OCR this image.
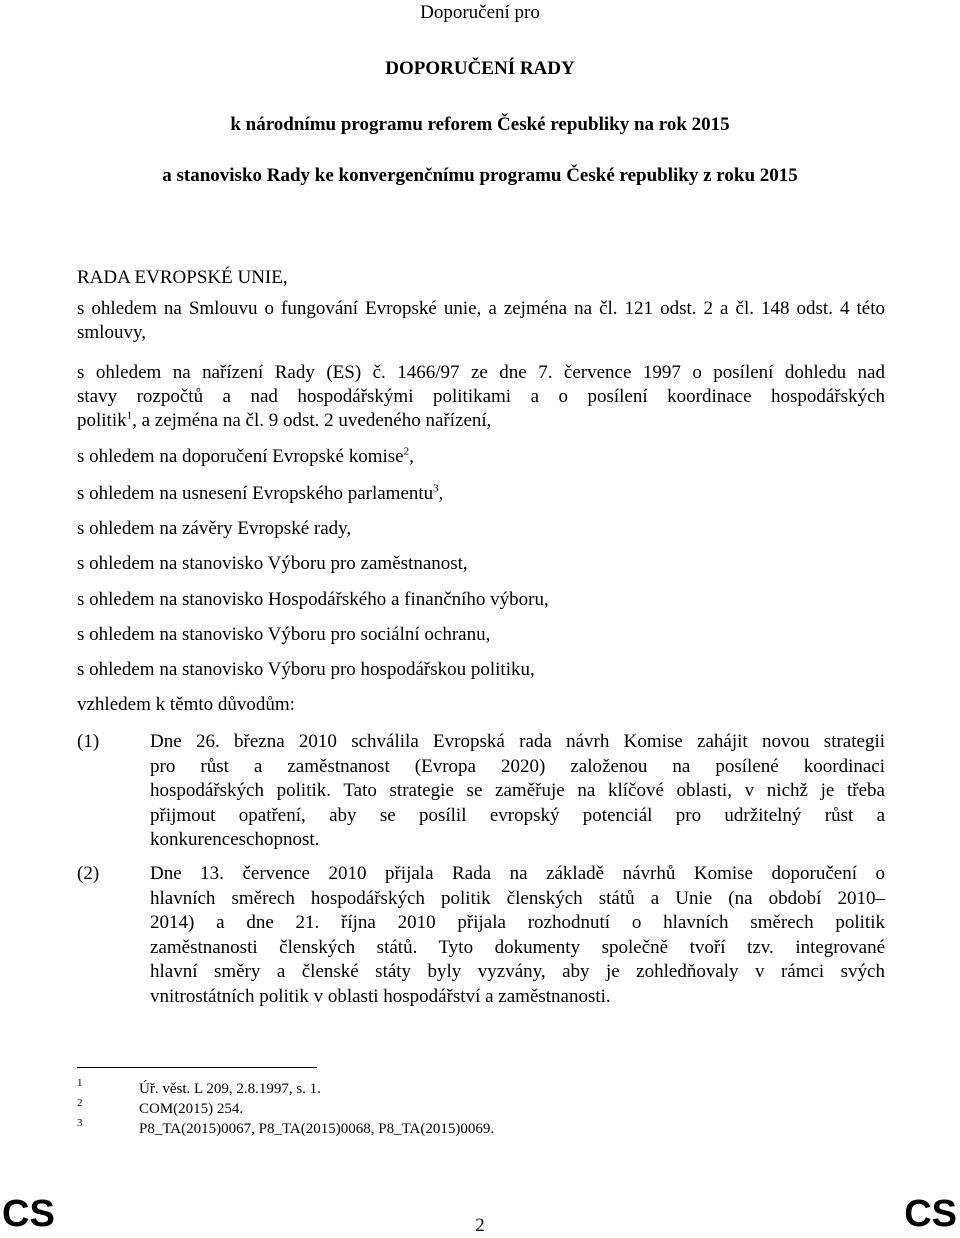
Doporučení pro
DOPORUČENÍ RADY
k národnímu programu reforem České republiky na rok 2015
a stanovisko Rady ke konvergenčnímu programu České republiky z roku 2015
RADA EVROPSKÉ UNIE,
s ohledem na Smlouvu o fungování Evropské unie, a zejména na čl. 121 odst. 2 a čl. 148 odst. 4 této smlouvy,
s ohledem na nařízení Rady (ES) č. 1466/97 ze dne 7. července 1997 o posílení dohledu nad
stavy rozpočtů a nad hospodářskými politikami a o posílení koordinace hospodářských
politik$^1$, a zejména na čl. 9 odst. 2 uvedeného nařízení,
s ohledem na doporučení Evropské komise$^2$,
s ohledem na usnesení Evropského parlamentu$^3$,
s ohledem na závěry Evropské rady,
s ohledem na stanovisko Výboru pro zaměstnanost,
s ohledem na stanovisko Hospodářského a finančního výboru,
s ohledem na stanovisko Výboru pro sociální ochranu,
s ohledem na stanovisko Výboru pro hospodářskou politiku,
vzhledem k těmto důvodům:
(1)	Dne 26. března 2010 schválila Evropská rada návrh Komise zahájit novou strategii
pro růst a zaměstnanost (Evropa 2020) založenou na posílené koordinaci
hospodářských politik. Tato strategie se zaměřuje na klíčové oblasti, v nichž je třeba
přijmout opatření, aby se posílil evropský potenciál pro udržitelný růst a
konkurenceschopnost.
(2)	Dne 13. července 2010 přijala Rada na základě návrhů Komise doporučení o
hlavních směrech hospodářských politik členských států a Unie (na období 2010–
2014) a dne 21. října 2010 přijala rozhodnutí o hlavních směrech politik
zaměstnanosti členských států. Tyto dokumenty společně tvoří tzv. integrované
hlavní směry a členské státy byly vyzvány, aby je zohledňovaly v rámci svých
vnitrostátních politik v oblasti hospodářství a zaměstnanosti.
1	Úř. věst. L 209, 2.8.1997, s. 1.
2	COM(2015) 254.
3	P8_TA(2015)0067, P8_TA(2015)0068, P8_TA(2015)0069.
CS	2	CS
